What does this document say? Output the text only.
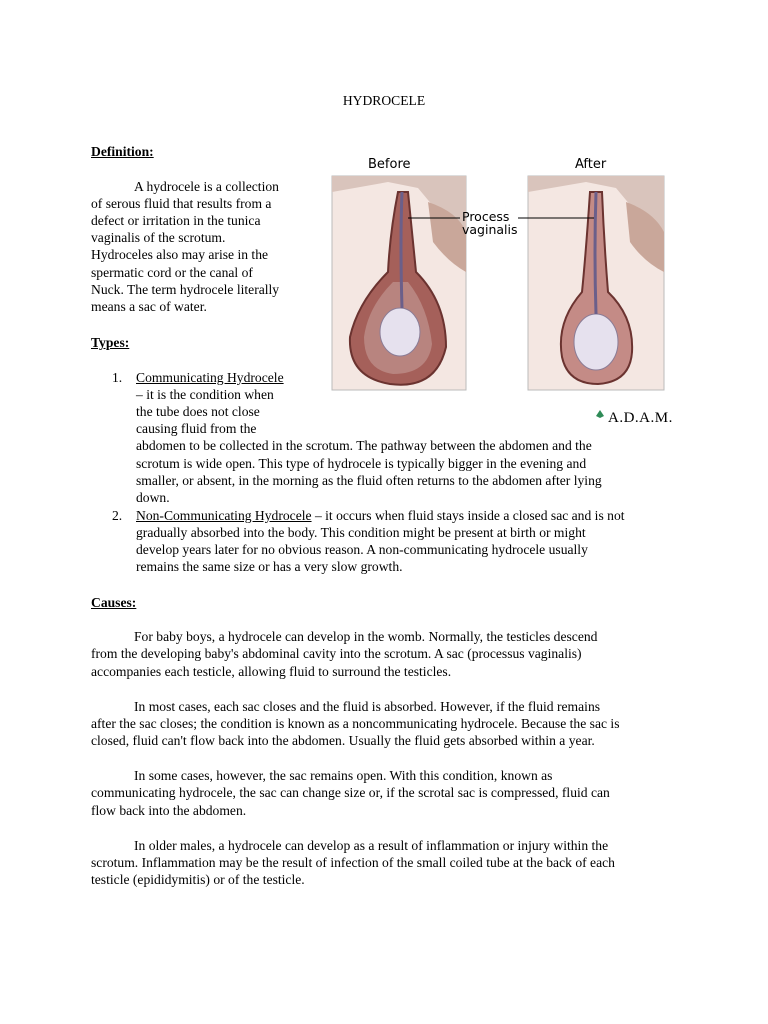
HYDROCELE
Definition:
A hydrocele is a collection
of serous fluid that results from a
defect or irritation in the tunica
vaginalis of the scrotum.
Hydroceles also may arise in the
spermatic cord or the canal of
Nuck. The term hydrocele literally
means a sac of water.
Types:
1. Communicating Hydrocele
– it is the condition when
the tube does not close
causing fluid from the
abdomen to be collected in the scrotum. The pathway between the abdomen and the
scrotum is wide open. This type of hydrocele is typically bigger in the evening and
smaller, or absent, in the morning as the fluid often returns to the abdomen after lying
down.
2. Non-Communicating Hydrocele – it occurs when fluid stays inside a closed sac and is not
gradually absorbed into the body. This condition might be present at birth or might
develop years later for no obvious reason. A non-communicating hydrocele usually
remains the same size or has a very slow growth.
Causes:
For baby boys, a hydrocele can develop in the womb. Normally, the testicles descend
from the developing baby's abdominal cavity into the scrotum. A sac (processus vaginalis)
accompanies each testicle, allowing fluid to surround the testicles.
In most cases, each sac closes and the fluid is absorbed. However, if the fluid remains
after the sac closes; the condition is known as a noncommunicating hydrocele. Because the sac is
closed, fluid can't flow back into the abdomen. Usually the fluid gets absorbed within a year.
In some cases, however, the sac remains open. With this condition, known as
communicating hydrocele, the sac can change size or, if the scrotal sac is compressed, fluid can
flow back into the abdomen.
In older males, a hydrocele can develop as a result of inflammation or injury within the
scrotum. Inflammation may be the result of infection of the small coiled tube at the back of each
testicle (epididymitis) or of the testicle.
Before	After
Process
vaginalis
A.D.A.M.
